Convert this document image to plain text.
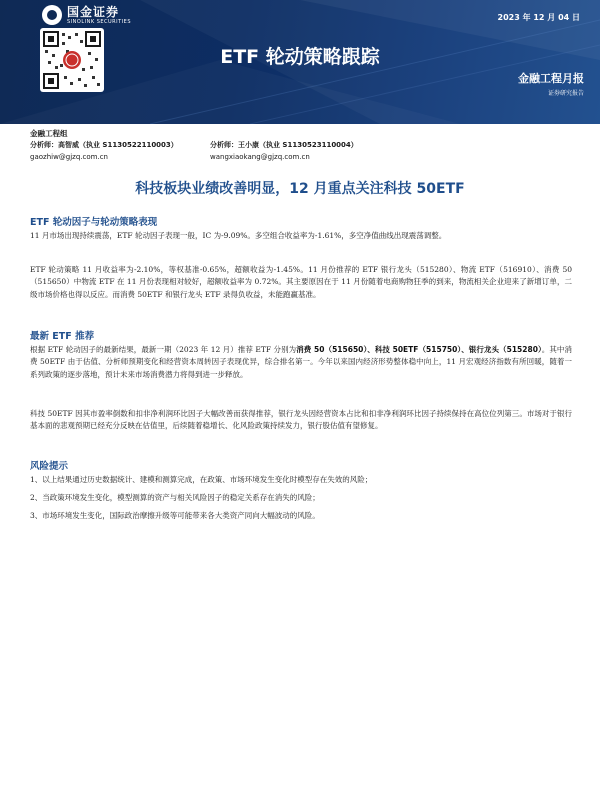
国金证券
SINOLINK SECURITIES	2023 年 12 月 04 日
ETF 轮动策略跟踪
金融工程月报
证券研究报告
金融工程组
分析师：高智威（执业 S1130522110003）
gaozhiw@gjzq.com.cn
分析师：王小康（执业 S1130523110004）
wangxiaokang@gjzq.com.cn
科技板块业绩改善明显，12 月重点关注科技 50ETF
ETF 轮动因子与轮动策略表现
11 月市场出现持续震荡，ETF 轮动因子表现一般，IC 为-9.09%。多空组合收益率为-1.61%，多空净值曲线出现震荡调整。
ETF 轮动策略 11 月收益率为-2.10%，等权基准-0.65%，超额收益为-1.45%。11 月份推荐的 ETF 银行龙头（515280）、物流 ETF（516910）、消费 50（515650）中物流 ETF 在 11 月份表现相对较好，超额收益率为 0.72%。其主要原因在于 11 月份随着电商购物狂季的到来，物流相关企业迎来了新增订单，二级市场价格也得以反应。而消费 50ETF 和银行龙头 ETF 录得负收益，未能跑赢基准。
最新 ETF 推荐
根据 ETF 轮动因子的最新结果，最新一期（2023 年 12 月）推荐 ETF 分别为消费 50（515650）、科技 50ETF（515750）、银行龙头（515280）。其中消费 50ETF 由于估值、分析师预期变化和经营资本周转因子表现优异，综合排名第一。今年以来国内经济形势整体稳中向上，11 月宏观经济指数有所回暖，随着一系列政策的逐步落地，预计未来市场消费潜力将得到进一步释放。
科技 50ETF 因其市盈率倒数和扣非净利润环比因子大幅改善而获得推荐，银行龙头因经营资本占比和扣非净利润环比因子持续保持在高位位列第三。市场对于银行基本面的悲观预期已经充分反映在估值里，后续随着稳增长、化风险政策持续发力，银行股估值有望修复。
风险提示
1、以上结果通过历史数据统计、建模和测算完成，在政策、市场环境发生变化时模型存在失效的风险；
2、当政策环境发生变化，模型测算的资产与相关风险因子的稳定关系存在消失的风险；
3、市场环境发生变化，国际政治摩擦升级等可能带来各大类资产同向大幅波动的风险。
